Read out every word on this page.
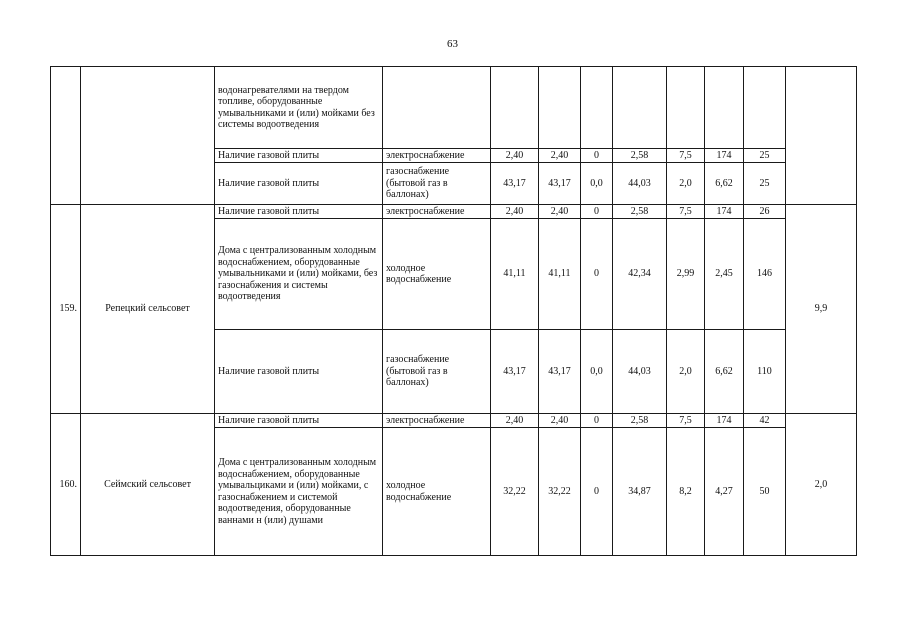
63
		водонагревателями на твердом топливе, оборудованные умывальниками и (или) мойками без системы водоотведения									
		Наличие газовой плиты	электроснабжение	2,40	2,40	0	2,58	7,5	174	25	
		Наличие газовой плиты	газоснабжение (бытовой газ в баллонах)	43,17	43,17	0,0	44,03	2,0	6,62	25	
159.	Репецкий сельсовет	Наличие газовой плиты	электроснабжение	2,40	2,40	0	2,58	7,5	174	26	9,9
		Дома с централизованным холодным водоснабжением, оборудованные умывальниками и (или) мойками, без газоснабжения и системы водоотведения	холодное водоснабжение	41,11	41,11	0	42,34	2,99	2,45	146	
		Наличие газовой плиты	газоснабжение (бытовой газ в баллонах)	43,17	43,17	0,0	44,03	2,0	6,62	110	
160.	Сеймский сельсовет	Наличие газовой плиты	электроснабжение	2,40	2,40	0	2,58	7,5	174	42	2,0
		Дома с централизованным холодным водоснабжением, оборудованные умывальциками и (или) мойками, с газоснабжением и системой водоотведения, оборудованные ваннами н (или) душами	холодное водоснабжение	32,22	32,22	0	34,87	8,2	4,27	50	
